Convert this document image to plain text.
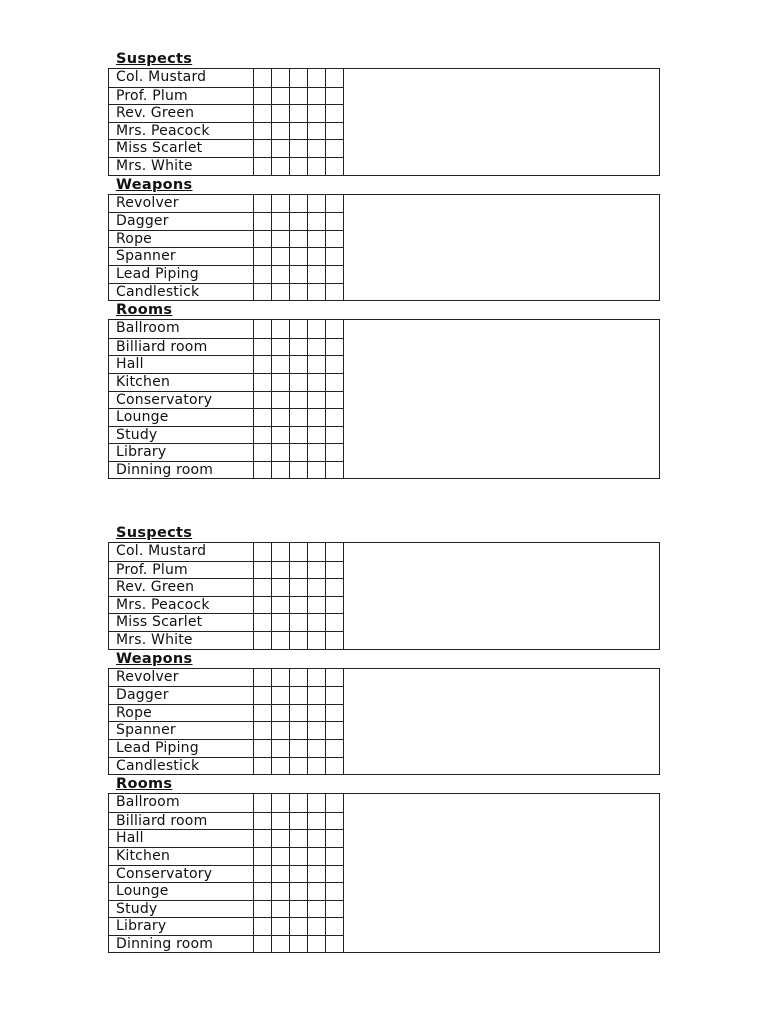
Suspects
Col. Mustard
Prof. Plum
Rev. Green
Mrs. Peacock
Miss Scarlet
Mrs. White
Weapons
Revolver
Dagger
Rope
Spanner
Lead Piping
Candlestick
Rooms
Ballroom
Billiard room
Hall
Kitchen
Conservatory
Lounge
Study
Library
Dinning room
Suspects
Col. Mustard
Prof. Plum
Rev. Green
Mrs. Peacock
Miss Scarlet
Mrs. White
Weapons
Revolver
Dagger
Rope
Spanner
Lead Piping
Candlestick
Rooms
Ballroom
Billiard room
Hall
Kitchen
Conservatory
Lounge
Study
Library
Dinning room
